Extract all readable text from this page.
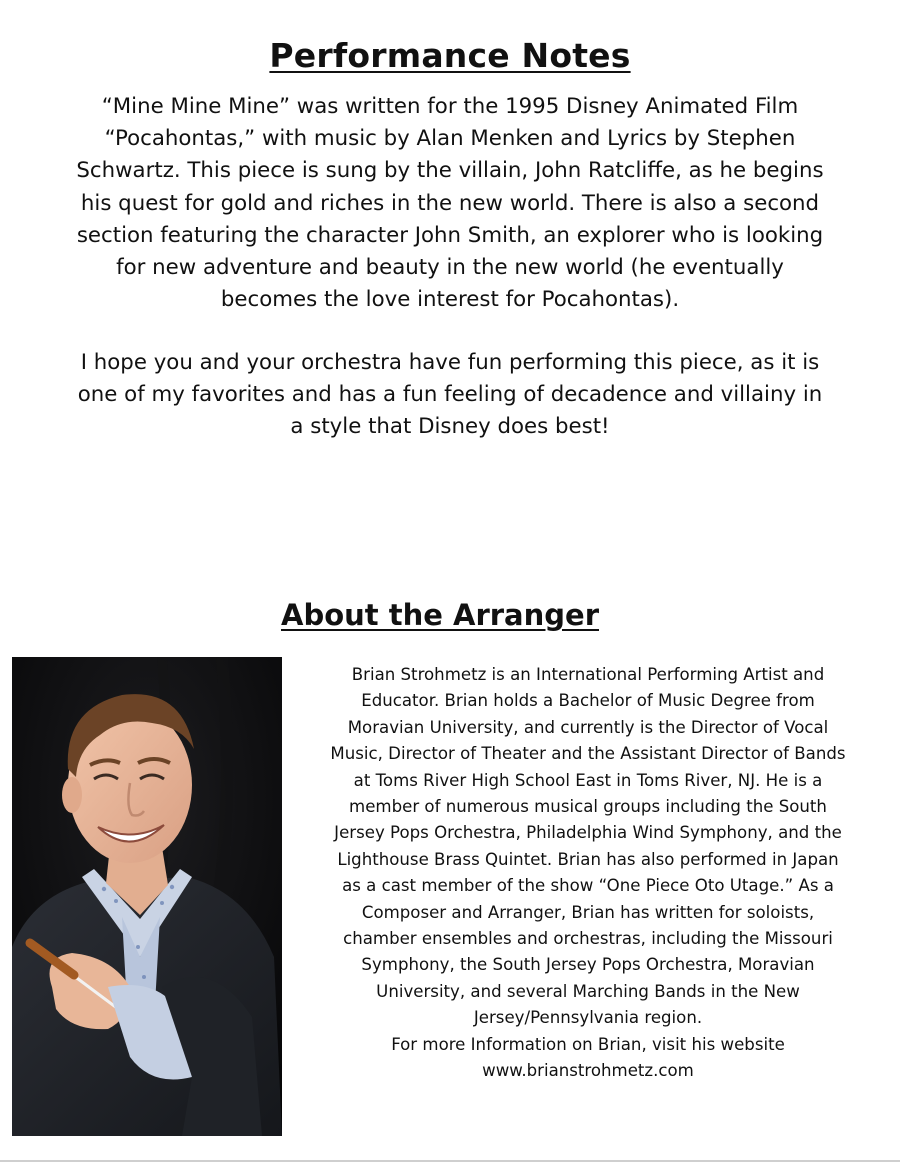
Performance Notes

“Mine Mine Mine” was written for the 1995 Disney Animated Film
“Pocahontas,” with music by Alan Menken and Lyrics by Stephen
Schwartz. This piece is sung by the villain, John Ratcliffe, as he begins
his quest for gold and riches in the new world. There is also a second
section featuring the character John Smith, an explorer who is looking
for new adventure and beauty in the new world (he eventually
becomes the love interest for Pocahontas).

I hope you and your orchestra have fun performing this piece, as it is
one of my favorites and has a fun feeling of decadence and villainy in
a style that Disney does best!

About the Arranger

Brian Strohmetz is an International Performing Artist and
Educator. Brian holds a Bachelor of Music Degree from
Moravian University, and currently is the Director of Vocal
Music, Director of Theater and the Assistant Director of Bands
at Toms River High School East in Toms River, NJ. He is a
member of numerous musical groups including the South
Jersey Pops Orchestra, Philadelphia Wind Symphony, and the
Lighthouse Brass Quintet. Brian has also performed in Japan
as a cast member of the show “One Piece Oto Utage.” As a
Composer and Arranger, Brian has written for soloists,
chamber ensembles and orchestras, including the Missouri
Symphony, the South Jersey Pops Orchestra, Moravian
University, and several Marching Bands in the New
Jersey/Pennsylvania region.
For more Information on Brian, visit his website
www.brianstrohmetz.com
